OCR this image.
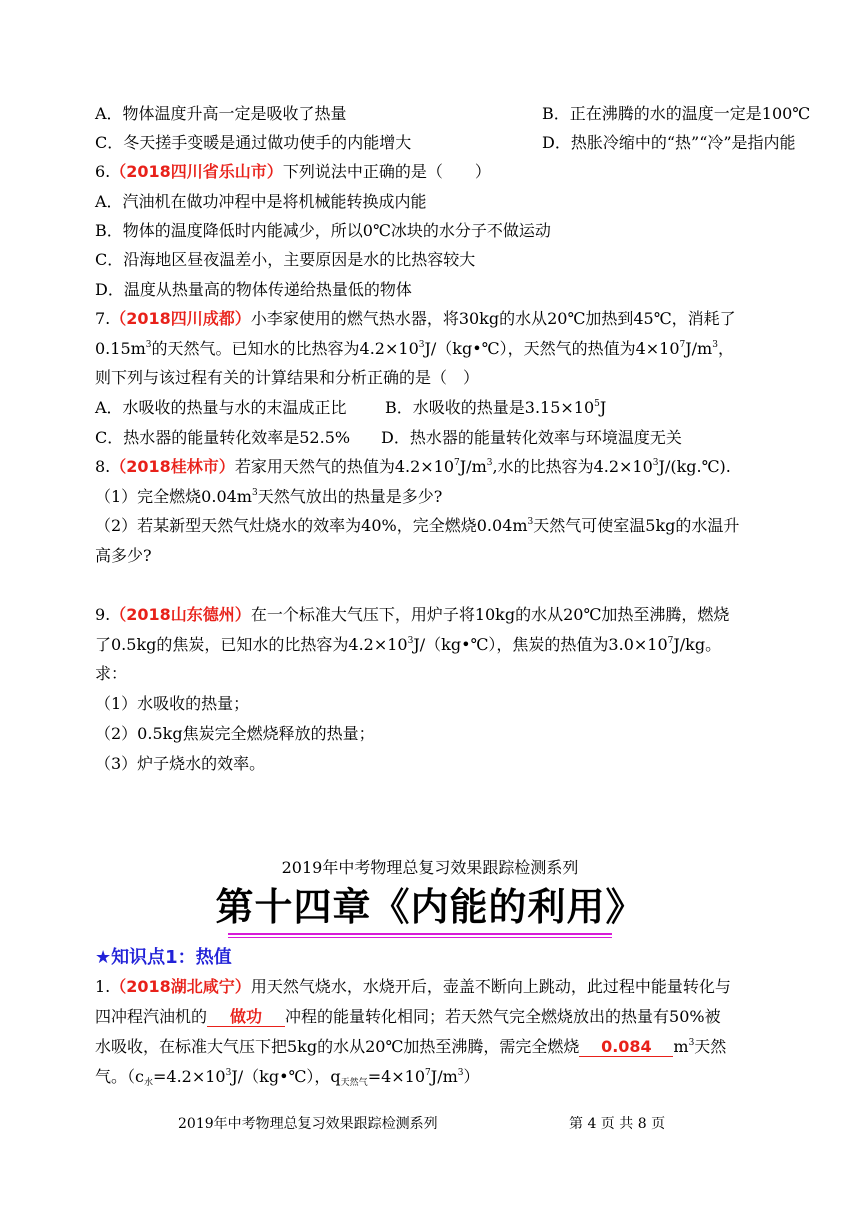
A．物体温度升高一定是吸收了热量	B．正在沸腾的水的温度一定是100℃
C．冬天搓手变暖是通过做功使手的内能增大	D．热胀冷缩中的“热”“冷”是指内能
6.（2018四川省乐山市）下列说法中正确的是（　　）
A．汽油机在做功冲程中是将机械能转换成内能
B．物体的温度降低时内能减少，所以0℃冰块的水分子不做运动
C．沿海地区昼夜温差小，主要原因是水的比热容较大
D．温度从热量高的物体传递给热量低的物体
7.（2018四川成都）小李家使用的燃气热水器，将30kg的水从20℃加热到45℃，消耗了
$0.15m^3$的天然气。已知水的比热容为$4.2\times 10^3J/(kg•℃)$，天然气的热值为$4\times 10^7J/m^3$，
则下列与该过程有关的计算结果和分析正确的是（　）
A．水吸收的热量与水的末温成正比 B．水吸收的热量是$3.15\times 10^5J$
C．热水器的能量转化效率是52.5% D．热水器的能量转化效率与环境温度无关
8.（2018桂林市）若家用天然气的热值为$4.2\times 10^7J/m^3$,水的比热容为$4.2\times 10^3J/(kg.℃)$.
（1）完全燃烧$0.04m^3$天然气放出的热量是多少?
（2）若某新型天然气灶烧水的效率为40%，完全燃烧$0.04m^3$天然气可使室温5kg的水温升
高多少?
9.（2018山东德州）在一个标准大气压下，用炉子将10kg的水从20℃加热至沸腾，燃烧
了0.5kg的焦炭，已知水的比热容为$4.2\times 10^3J/(kg•℃)$，焦炭的热值为$3.0\times 10^7J/kg$。
求：
（1）水吸收的热量；
（2）0.5kg焦炭完全燃烧释放的热量；
（3）炉子烧水的效率。
2019年中考物理总复习效果跟踪检测系列
第十四章《内能的利用》
★知识点1：热值
1.（2018湖北咸宁）用天然气烧水，水烧开后，壶盖不断向上跳动，此过程中能量转化与
四冲程汽油机的 做功 冲程的能量转化相同；若天然气完全燃烧放出的热量有50%被
水吸收，在标准大气压下把5kg的水从20℃加热至沸腾，需完全燃烧 0.084 $m^3$天然
气。（$c_水=4.2\times 10^3J/(kg•℃)$，$q_{天然气}=4\times 10^7J/m^3$）
2019年中考物理总复习效果跟踪检测系列	第 4 页 共 8 页
